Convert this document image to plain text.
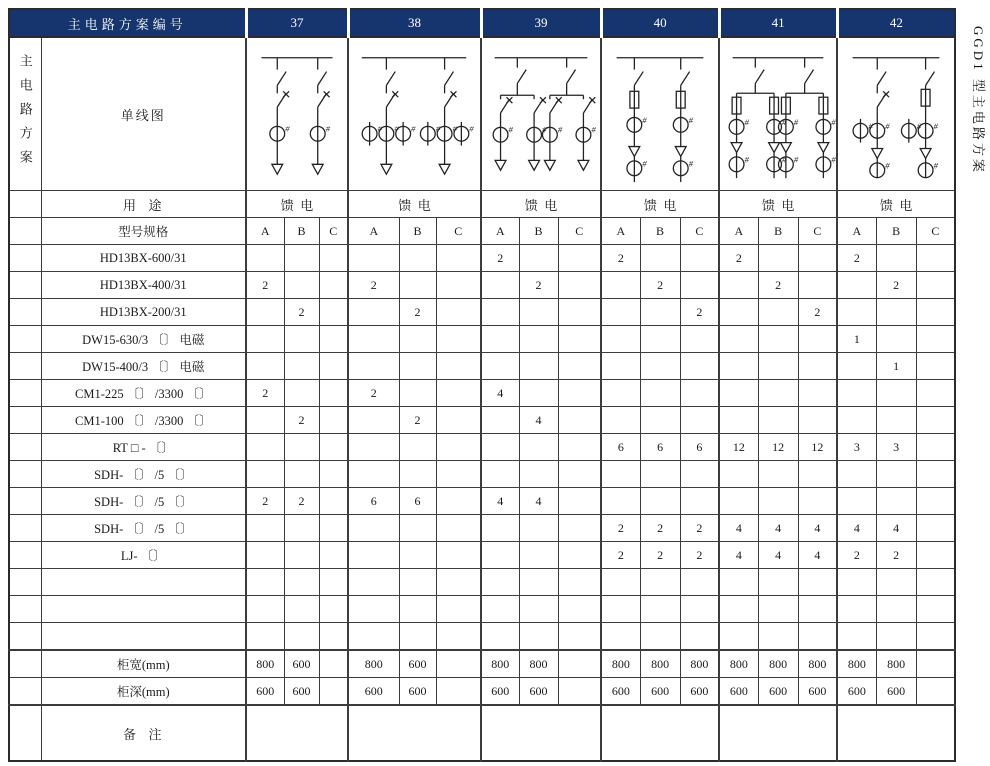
主电路方案编号		37			38			39			40			41			42		

主电路方案	单线图	
#	#	# # # # # #	#	# #	#

#
#
#
#

#
#
#
#
#
#
#
#

# #
#
# #
#

	用  途	馈  电			馈  电			馈  电			馈  电			馈  电			馈  电		
	型号规格	A	B	C	A	B	C	A	B	C	A	B	C	A	B	C	A	B	C
	HD13BX-600/31							2			2			2			2		
	HD13BX-400/31	2			2				2			2			2			2	
	HD13BX-200/31		2			2							2			2			
	DW15-630/3 〔〕 电磁																1		
	DW15-400/3 〔〕 电磁																	1	
	CM1-225 〔〕 /3300 〔〕	2			2			4											
	CM1-100 〔〕 /3300 〔〕		2			2			4										
	RT □ - 〔〕										6	6	6	12	12	12	3	3	
	SDH- 〔〕 /5 〔〕																		
	SDH- 〔〕 /5 〔〕	2	2		6	6		4	4										
	SDH- 〔〕 /5 〔〕										2	2	2	4	4	4	4	4	
	LJ- 〔〕										2	2	2	4	4	4	2	2	

	柜宽(mm)	800	600		800	600		800	800		800	800	800	800	800	800	800	800	
	柜深(mm)	600	600		600	600		600	600		600	600	600	600	600	600	600	600	
	备  注																		
GGD1 型主电路方案
